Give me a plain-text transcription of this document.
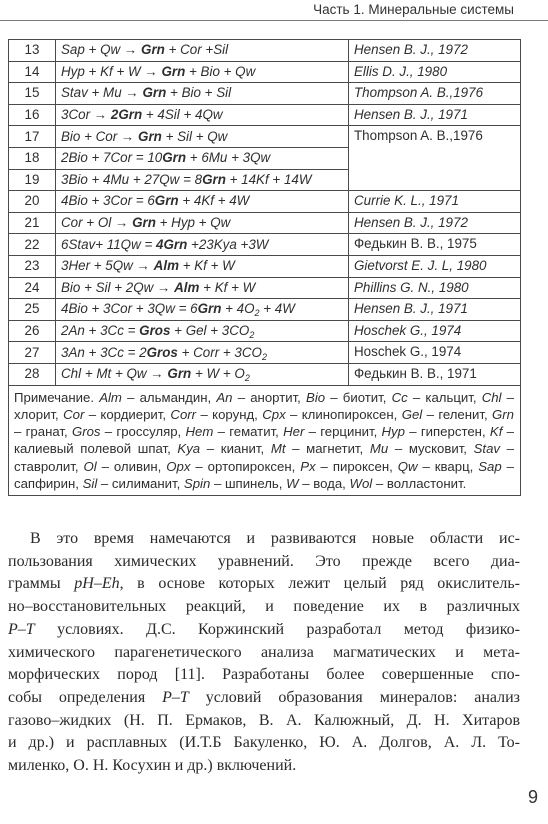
Часть 1. Минеральные системы
13	Sap + Qw → Grn + Cor +Sil	Hensen B. J., 1972
14	Hyp + Kf + W → Grn + Bio + Qw	Ellis D. J., 1980
15	Stav + Mu → Grn + Bio + Sil	Thompson A. B.,1976
16	3Cor → 2Grn + 4Sil + 4Qw	Hensen B. J., 1971
17	Bio + Cor → Grn + Sil + Qw	Thompson A. B.,1976
18	2Bio + 7Cor = 10Grn + 6Mu + 3Qw	
19	3Bio + 4Mu + 27Qw = 8Grn + 14Kf + 14W	
20	4Bio + 3Cor = 6Grn + 4Kf + 4W	Currie K. L., 1971
21	Cor + Ol → Grn + Hyp + Qw	Hensen B. J., 1972
22	6Stav+ 11Qw = 4Grn +23Kya +3W	Федькин В. В., 1975
23	3Her + 5Qw → Alm + Kf + W	Gietvorst E. J. L, 1980
24	Bio + Sil + 2Qw → Alm + Kf + W	Phillins G. N., 1980
25	$4Bio + 3Cor + 3Qw = 6Grn + 4O_2 + 4W$	Hensen B. J., 1971
26	2An + 3Cc = Gros + Gel + $3CO_2$	Hoschek G., 1974
27	3An + 3Cc = 2Gros + Corr + $3CO_2$	Hoschek G., 1974
28	Chl + Mt + Qw → Grn + $W + O_2$	Федькин В. В., 1971
Примечание. Alm – альмандин, An – анортит, Bio – биотит, Cc – кальцит, Chl – хлорит, Cor – кордиерит, Corr – корунд, Cpx – клинопироксен, Gel – геленит, Grn – гранат, Gros – гроссуляр, Hem – гематит, Her – герцинит, Hyp – гиперстен, Kf – калиевый полевой шпат, Kya – кианит, Mt – магнетит, Mu – мусковит, Stav – ставролит, Ol – оливин, Opx – ортопироксен, Px – пироксен, Qw – кварц, Sap – сапфирин, Sil – силиманит, Spin – шпинель, W – вода, Wol – волластонит.		
В это время намечаются и развиваются новые области ис-
пользования химических уравнений. Это прежде всего диа-
граммы pH–Eh, в основе которых лежит целый ряд окислитель-
но–восстановительных реакций, и поведение их в различных
P–T условиях. Д.С. Коржинский разработал метод физико-
химического парагенетического анализа магматических и мета-
морфических пород [11]. Разработаны более совершенные спо-
собы определения P–T условий образования минералов: анализ
газово–жидких (Н. П. Ермаков, В. А. Калюжный, Д. Н. Хитаров
и др.) и расплавных (И.Т.Б Бакуленко, Ю. А. Долгов, А. Л. То-
миленко, О. Н. Косухин и др.) включений.
9
